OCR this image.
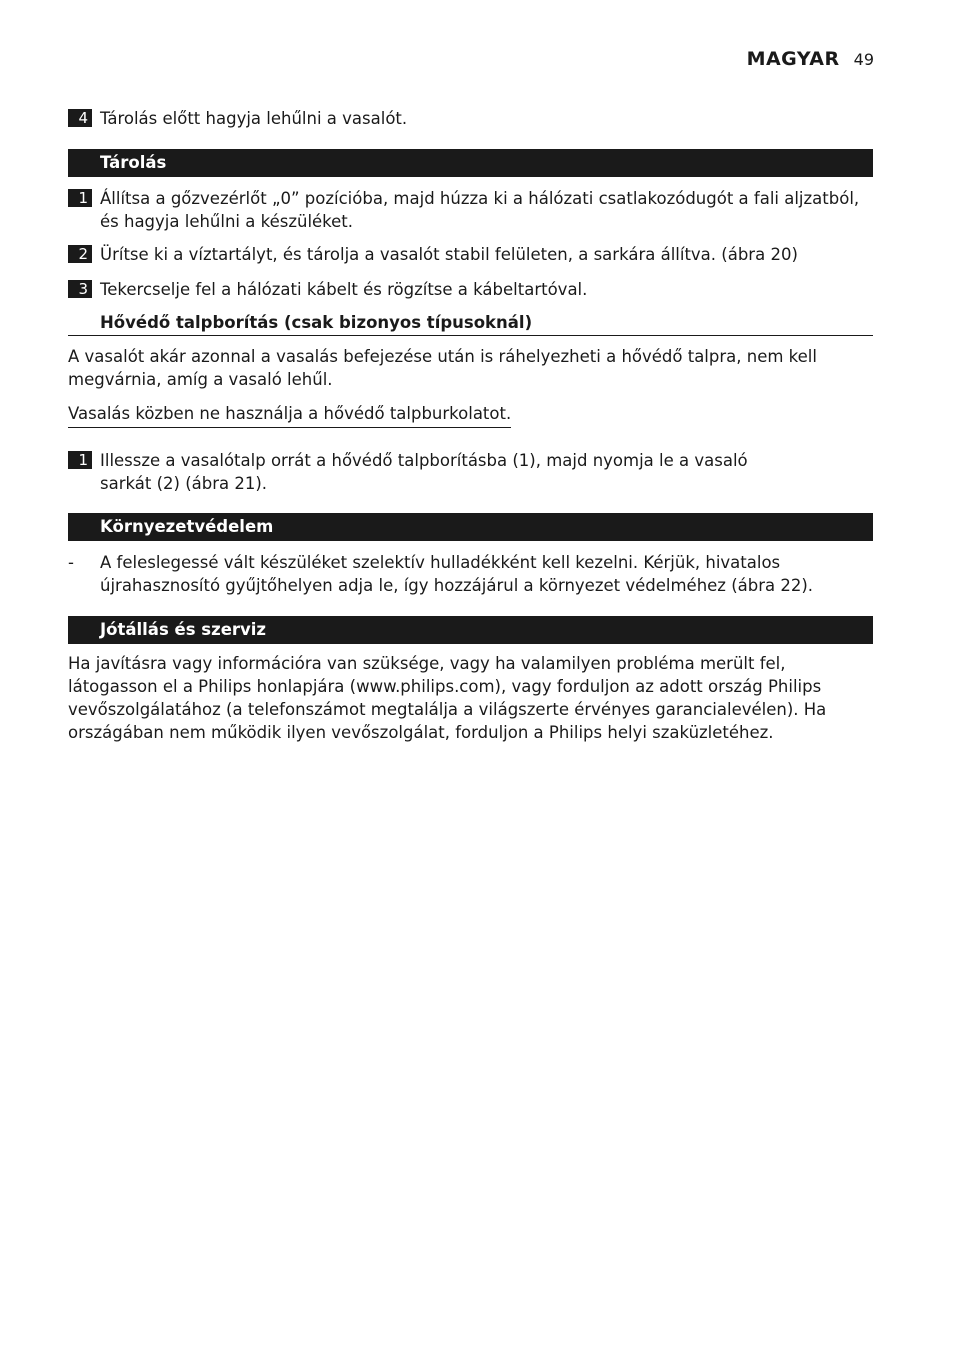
MAGYAR 49
4 Tárolás előtt hagyja lehűlni a vasalót.
Tárolás
1 Állítsa a gőzvezérlőt „0” pozícióba, majd húzza ki a hálózati csatlakozódugót a fali aljzatból, és hagyja lehűlni a készüléket.
2 Ürítse ki a víztartályt, és tárolja a vasalót stabil felületen, a sarkára állítva. (ábra 20)
3 Tekercselje fel a hálózati kábelt és rögzítse a kábeltartóval.
Hővédő talpborítás (csak bizonyos típusoknál)
A vasalót akár azonnal a vasalás befejezése után is ráhelyezheti a hővédő talpra, nem kell megvárnia, amíg a vasaló lehűl.
Vasalás közben ne használja a hővédő talpburkolatot.
1 Illessze a vasalótalp orrát a hővédő talpborításba (1), majd nyomja le a vasaló sarkát (2) (ábra 21).
Környezetvédelem
-	A feleslegessé vált készüléket szelektív hulladékként kell kezelni. Kérjük, hivatalos újrahasznosító gyűjtőhelyen adja le, így hozzájárul a környezet védelméhez (ábra 22).
Jótállás és szerviz
Ha javításra vagy információra van szüksége, vagy ha valamilyen probléma merült fel, látogasson el a Philips honlapjára (www.philips.com), vagy forduljon az adott ország Philips vevőszolgálatához (a telefonszámot megtalálja a világszerte érvényes garancialevélen). Ha országában nem működik ilyen vevőszolgálat, forduljon a Philips helyi szaküzletéhez.
